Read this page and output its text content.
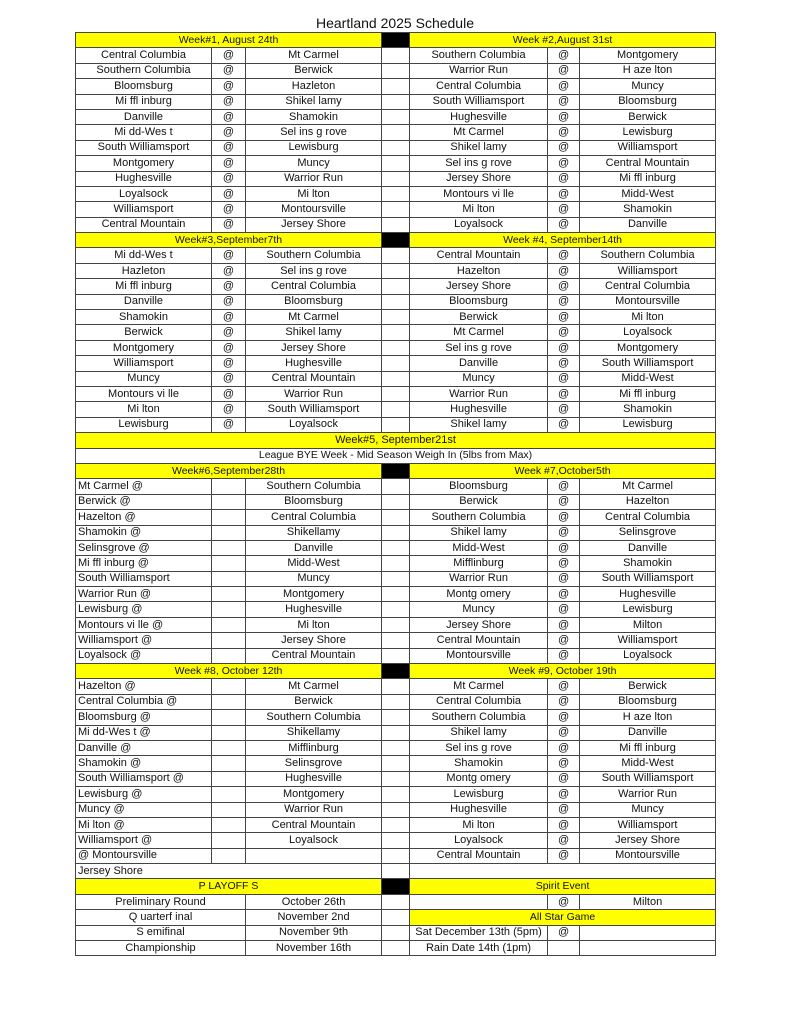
Heartland 2025 Schedule
Week#1, August 24th				Week #2,August 31st		
Central Columbia	@	Mt Carmel		Southern Columbia	@	Montgomery
Southern Columbia	@	Berwick		Warrior Run	@	H aze lton
Bloomsburg	@	Hazleton		Central Columbia	@	Muncy
Mi ffl inburg	@	Shikel lamy		South Williamsport	@	Bloomsburg
Danville	@	Shamokin		Hughesville	@	Berwick
Mi dd-Wes t	@	Sel ins g rove		Mt Carmel	@	Lewisburg
South Williamsport	@	Lewisburg		Shikel lamy	@	Williamsport
Montgomery	@	Muncy		Sel ins g rove	@	Central Mountain
Hughesville	@	Warrior Run		Jersey Shore	@	Mi ffl inburg
Loyalsock	@	Mi lton		Montours vi lle	@	Midd-West
Williamsport	@	Montoursville		Mi lton	@	Shamokin
Central Mountain	@	Jersey Shore		Loyalsock	@	Danville
Week#3,September7th				Week #4, September14th		
Mi dd-Wes t	@	Southern Columbia		Central Mountain	@	Southern Columbia
Hazleton	@	Sel ins g rove		Hazelton	@	Williamsport
Mi ffl inburg	@	Central Columbia		Jersey Shore	@	Central Columbia
Danville	@	Bloomsburg		Bloomsburg	@	Montoursville
Shamokin	@	Mt Carmel		Berwick	@	Mi lton
Berwick	@	Shikel lamy		Mt Carmel	@	Loyalsock
Montgomery	@	Jersey Shore		Sel ins g rove	@	Montgomery
Williamsport	@	Hughesville		Danville	@	South Williamsport
Muncy	@	Central Mountain		Muncy	@	Midd-West
Montours vi lle	@	Warrior Run		Warrior Run	@	Mi ffl inburg
Mi lton	@	South Williamsport		Hughesville	@	Shamokin
Lewisburg	@	Loyalsock		Shikel lamy	@	Lewisburg
Week#5, September21st						
League BYE Week - Mid Season Weigh In (5lbs from Max)						
Week#6,September28th				Week #7,October5th		
Mt Carmel @		Southern Columbia		Bloomsburg	@	Mt Carmel
Berwick @		Bloomsburg		Berwick	@	Hazelton
Hazelton @		Central Columbia		Southern Columbia	@	Central Columbia
Shamokin @		Shikellamy		Shikel lamy	@	Selinsgrove
Selinsgrove @		Danville		Midd-West	@	Danville
Mi ffl inburg @		Midd-West		Mifflinburg	@	Shamokin
South Williamsport		Muncy		Warrior Run	@	South Williamsport
Warrior Run @		Montgomery		Montg omery	@	Hughesville
Lewisburg @		Hughesville		Muncy	@	Lewisburg
Montours vi lle @		Mi lton		Jersey Shore	@	Milton
Williamsport @		Jersey Shore		Central Mountain	@	Williamsport
Loyalsock @		Central Mountain		Montoursville	@	Loyalsock
Week #8, October 12th				Week #9, October 19th		
Hazelton @		Mt Carmel		Mt Carmel	@	Berwick
Central Columbia @		Berwick		Central Columbia	@	Bloomsburg
Bloomsburg @		Southern Columbia		Southern Columbia	@	H aze lton
Mi dd-Wes t @		Shikellamy		Shikel lamy	@	Danville
Danville @		Mifflinburg		Sel ins g rove	@	Mi ffl inburg
Shamokin @		Selinsgrove		Shamokin	@	Midd-West
South Williamsport @		Hughesville		Montg omery	@	South Williamsport
Lewisburg @		Montgomery		Lewisburg	@	Warrior Run
Muncy @		Warrior Run		Hughesville	@	Muncy
Mi lton @		Central Mountain		Mi lton	@	Williamsport
Williamsport @		Loyalsock		Loyalsock	@	Jersey Shore
@ Montoursville				Central Mountain	@	Montoursville
Jersey Shore						
P LAYOFF S				Spirit Event		
Preliminary Round		October 26th			@	Milton
Q uarterf inal		November 2nd		All Star Game		
S emifinal		November 9th		Sat December 13th (5pm)	@	
Championship		November 16th		Rain Date 14th (1pm)		
